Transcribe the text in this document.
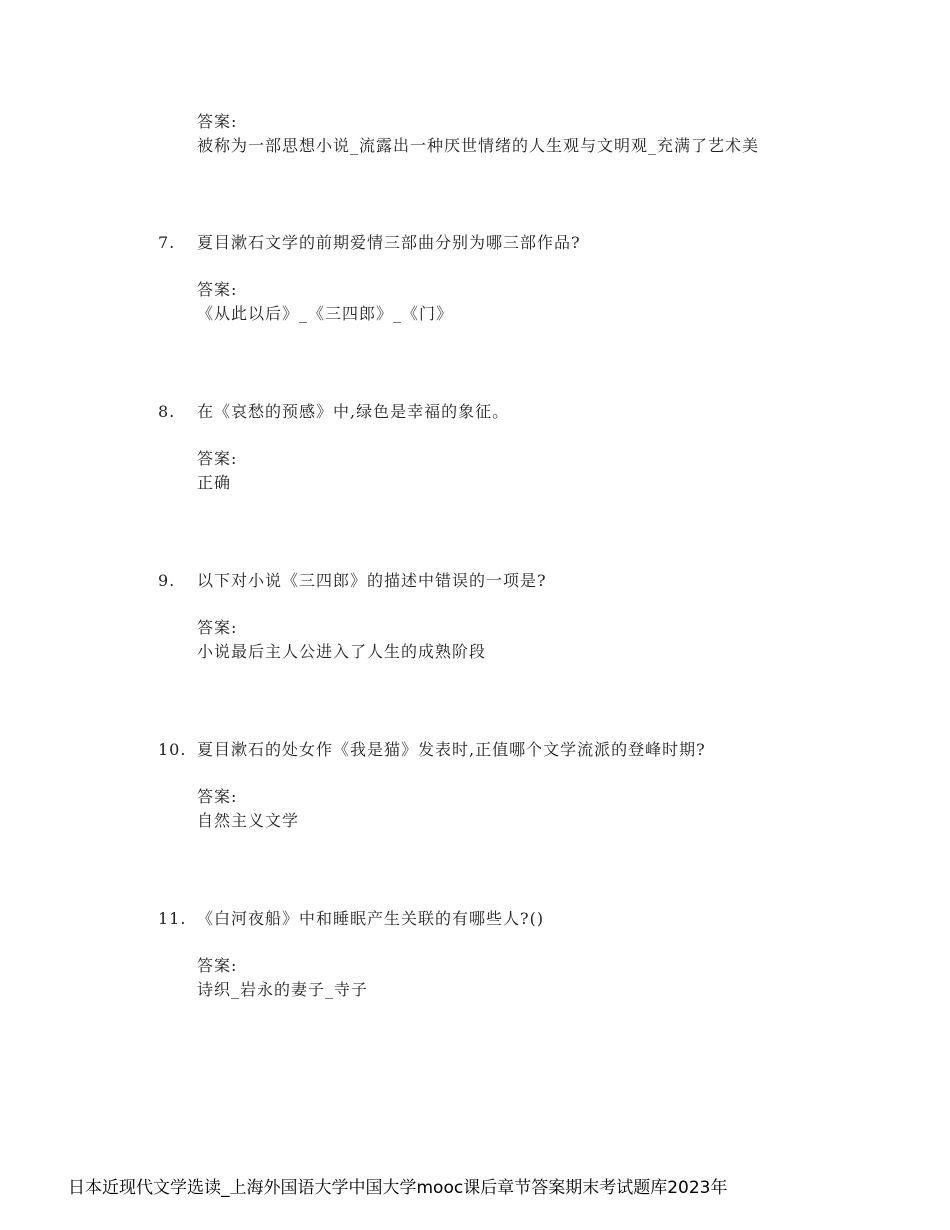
答案:
被称为一部思想小说_流露出一种厌世情绪的人生观与文明观_充满了艺术美
7. 夏目漱石文学的前期爱情三部曲分别为哪三部作品?
答案:
《从此以后》_《三四郎》_《门》
8. 在《哀愁的预感》中,绿色是幸福的象征。
答案:
正确
9. 以下对小说《三四郎》的描述中错误的一项是?
答案:
小说最后主人公进入了人生的成熟阶段
10. 夏目漱石的处女作《我是猫》发表时,正值哪个文学流派的登峰时期?
答案:
自然主义文学
11. 《白河夜船》中和睡眠产生关联的有哪些人?()
答案:
诗织_岩永的妻子_寺子
日本近现代文学选读_上海外国语大学中国大学mooc课后章节答案期末考试题库2023年
